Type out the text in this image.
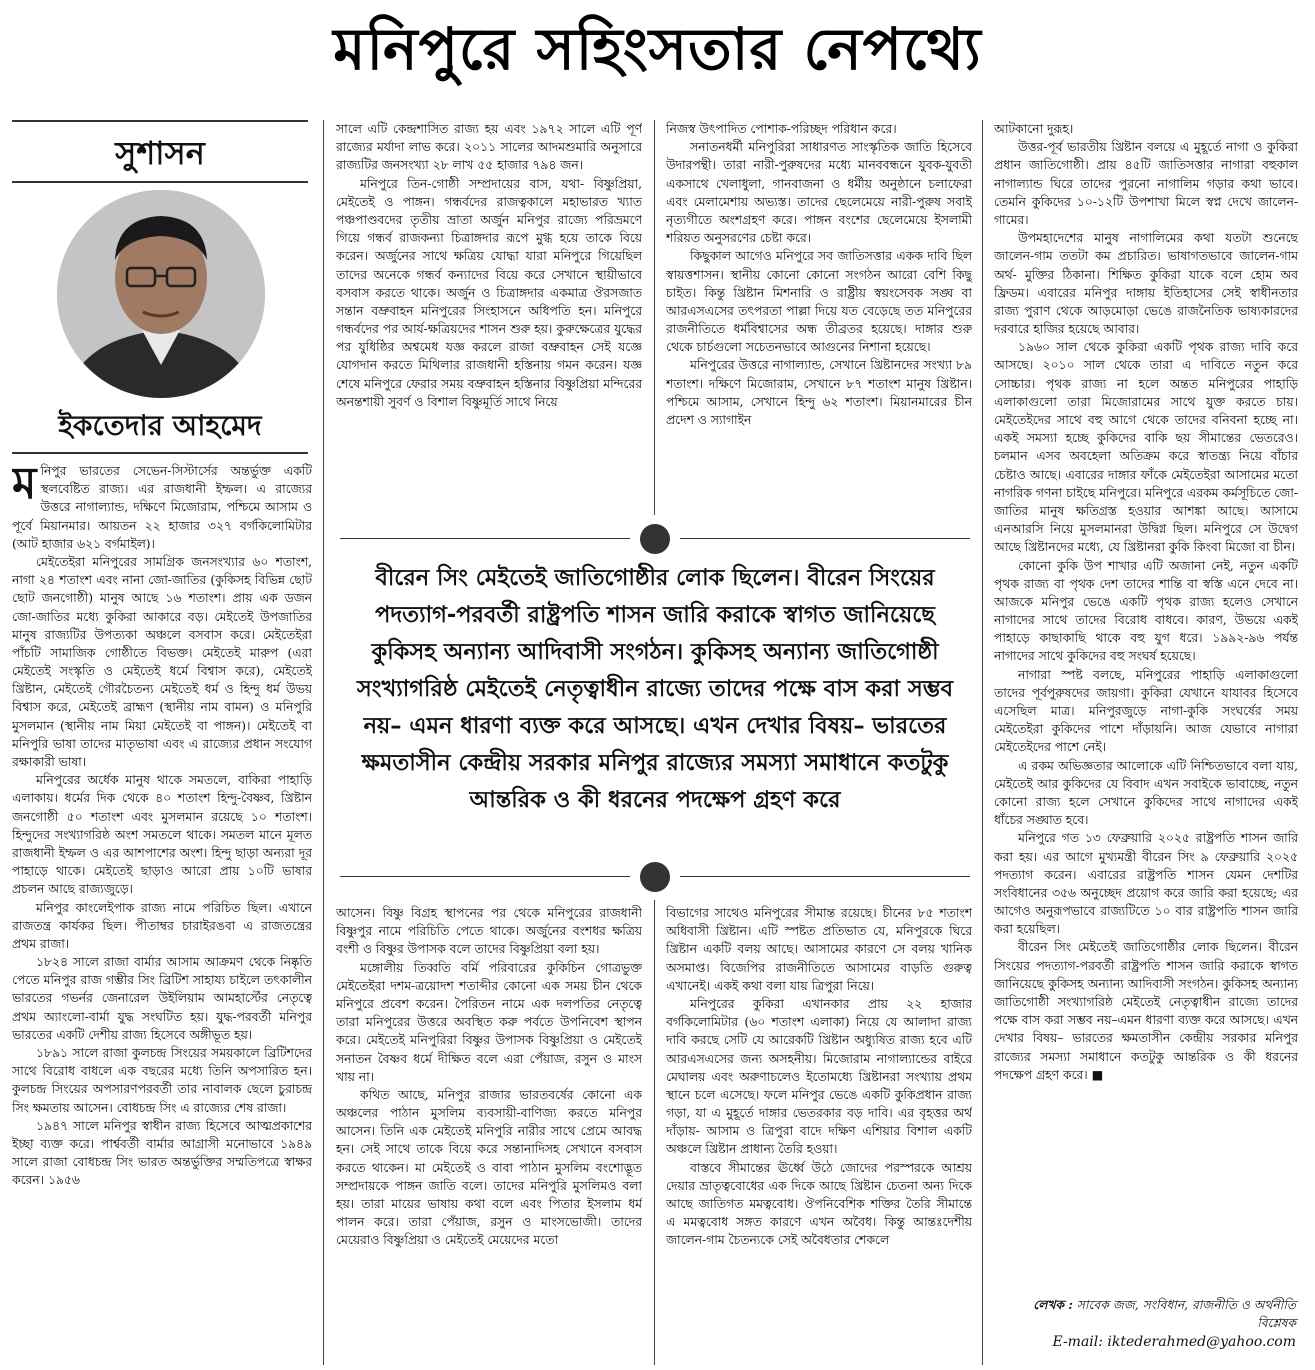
মনিপুরে সহিংসতার নেপথ্যে
সুশাসন
ইকতেদার আহমেদ
ম নিপুর ভারতের সেভেন-সিস্টার্সের অন্তর্ভুক্ত একটি স্থলবেষ্টিত রাজ্য। এর রাজধানী ইম্ফল। এ রাজ্যের উত্তরে নাগাল্যান্ড, দক্ষিণে মিজোরাম, পশ্চিমে আসাম ও পূর্বে মিয়ানমার। আয়তন ২২ হাজার ৩২৭ বর্গকিলোমিটার (আট হাজার ৬২১ বর্গমাইল)।

মেইতেইরা মনিপুরের সামগ্রিক জনসংখ্যার ৬০ শতাংশ, নাগা ২৪ শতাংশ এবং নানা জো-জাতির (কুকিসহ বিভিন্ন ছোট ছোট জনগোষ্ঠী) মানুষ আছে ১৬ শতাংশ। প্রায় এক ডজন জো-জাতির মধ্যে কুকিরা আকারে বড়। মেইতেই উপজাতির মানুষ রাজ্যটির উপত্যকা অঞ্চলে বসবাস করে। মেইতেইরা পাঁচটি সামাজিক গোষ্ঠীতে বিভক্ত। মেইতেই মারুপ (এরা মেইতেই সংস্কৃতি ও মেইতেই ধর্মে বিশ্বাস করে), মেইতেই খ্রিষ্টান, মেইতেই গৌরচৈতন্য মেইতেই ধর্ম ও হিন্দু ধর্ম উভয় বিশ্বাস করে, মেইতেই ব্রাহ্মণ (স্থানীয় নাম বামন) ও মনিপুরি মুসলমান (স্থানীয় নাম মিয়া মেইতেই বা পাঙ্গন)। মেইতেই বা মনিপুরি ভাষা তাদের মাতৃভাষা এবং এ রাজ্যের প্রধান সংযোগ রক্ষাকারী ভাষা।

মনিপুরের অর্ধেক মানুষ থাকে সমতলে, বাকিরা পাহাড়ি এলাকায়। ধর্মের দিক থেকে ৪০ শতাংশ হিন্দু-বৈষ্ণব, খ্রিষ্টান জনগোষ্ঠী ৫০ শতাংশ এবং মুসলমান রয়েছে ১০ শতাংশ। হিন্দুদের সংখ্যাগরিষ্ঠ অংশ সমতলে থাকে। সমতল মানে মূলত রাজধানী ইম্ফল ও এর আশপাশের অংশ। হিন্দু ছাড়া অন্যরা দূর পাহাড়ে থাকে। মেইতেই ছাড়াও আরো প্রায় ১০টি ভাষার প্রচলন আছে রাজ্যজুড়ে।

মনিপুর কাংলেইপাক রাজ্য নামে পরিচিত ছিল। এখানে রাজতন্ত্র কার্যকর ছিল। পীতাম্বর চারাইরঙবা এ রাজতন্ত্রের প্রথম রাজা।

১৮২৪ সালে রাজা বার্মার আসাম আক্রমণ থেকে নিষ্কৃতি পেতে মনিপুর রাজ গম্ভীর সিং ব্রিটিশ সাহায্য চাইলে তৎকালীন ভারতের গভর্নর জেনারেল উইলিয়াম আমহার্স্টের নেতৃত্বে প্রথম অ্যাংলো-বার্মা যুদ্ধ সংঘটিত হয়। যুদ্ধ-পরবর্তী মনিপুর ভারতের একটি দেশীয় রাজ্য হিসেবে অঙ্গীভূত হয়।

১৮৯১ সালে রাজা কুলচন্দ্র সিংয়ের সময়কালে ব্রিটিশদের সাথে বিরোধ বাধলে এক বছরের মধ্যে তিনি অপসারিত হন। কুলচন্দ্র সিংয়ের অপসারণপরবর্তী তার নাবালক ছেলে চুরাচন্দ্র সিং ক্ষমতায় আসেন। বোধচন্দ্র সিং এ রাজ্যের শেষ রাজা।

১৯৪৭ সালে মনিপুর স্বাধীন রাজ্য হিসেবে আত্মপ্রকাশের ইচ্ছা ব্যক্ত করে। পার্শ্ববর্তী বার্মার আগ্রাসী মনোভাবে ১৯৪৯ সালে রাজা বোধচন্দ্র সিং ভারত অন্তর্ভুক্তির সম্মতিপত্রে স্বাক্ষর করেন। ১৯৫৬

সালে এটি কেন্দ্রশাসিত রাজ্য হয় এবং ১৯৭২ সালে এটি পূর্ণ রাজ্যের মর্যাদা লাভ করে। ২০১১ সালের আদমশুমারি অনুসারে রাজ্যটির জনসংখ্যা ২৮ লাখ ৫৫ হাজার ৭৯৪ জন।

মনিপুরে তিন-গোষ্ঠী সম্প্রদায়ের বাস, যথা- বিষ্ণুপ্রিয়া, মেইতেই ও পাঙ্গন। গন্ধর্বদের রাজত্বকালে মহাভারত খ্যাত পঞ্চপাণ্ডবদের তৃতীয় ভ্রাতা অর্জুন মনিপুর রাজ্যে পরিভ্রমণে গিয়ে গন্ধর্ব রাজকন্যা চিত্রাঙ্গদার রূপে মুগ্ধ হয়ে তাকে বিয়ে করেন। অর্জুনের সাথে ক্ষত্রিয় যোদ্ধা যারা মনিপুরে গিয়েছিল তাদের অনেকে গন্ধর্ব কন্যাদের বিয়ে করে সেখানে স্থায়ীভাবে বসবাস করতে থাকে। অর্জুন ও চিত্রাঙ্গদার একমাত্র ঔরসজাত সন্তান বভ্রুবাহন মনিপুরের সিংহাসনে অধিপতি হন। মনিপুরে গন্ধর্বদের পর আর্য-ক্ষত্রিয়দের শাসন শুরু হয়। কুরুক্ষেত্রের যুদ্ধের পর যুধিষ্ঠির অশ্বমেধ যজ্ঞ করলে রাজা বভ্রুবাহন সেই যজ্ঞে যোগদান করতে মিথিলার রাজধানী হস্তিনায় গমন করেন। যজ্ঞ শেষে মনিপুরে ফেরার সময় বভ্রুবাহন হস্তিনার বিষ্ণুপ্রিয়া মন্দিরের অনন্তশায়ী সুবর্ণ ও বিশাল বিষ্ণুমূর্তি সাথে নিয়ে

নিজস্ব উৎপাদিত পোশাক-পরিচ্ছদ পরিধান করে।

সনাতনধর্মী মনিপুরিরা সাধারণত সাংস্কৃতিক জাতি হিসেবে উদারপন্থী। তারা নারী-পুরুষদের মধ্যে মানববন্ধনে যুবক-যুবতী একসাথে খেলাধুলা, গানবাজনা ও ধর্মীয় অনুষ্ঠানে চলাফেরা এবং মেলামেশায় অভ্যস্ত। তাদের ছেলেমেয়ে নারী-পুরুষ সবাই নৃত্যগীতে অংশগ্রহণ করে। পাঙ্গন বংশের ছেলেমেয়ে ইসলামী শরিয়ত অনুসরণের চেষ্টা করে।

কিছুকাল আগেও মনিপুরে সব জাতিসত্তার একক দাবি ছিল স্বায়ত্তশাসন। স্থানীয় কোনো কোনো সংগঠন আরো বেশি কিছু চাইত। কিন্তু খ্রিষ্টান মিশনারি ও রাষ্ট্রীয় স্বয়ংসেবক সঙ্ঘ বা আরএসএসের তৎপরতা পাল্লা দিয়ে যত বেড়েছে তত মনিপুরের রাজনীতিতে ধর্মবিশ্বাসের অন্ধ তীব্রতর হয়েছে। দাঙ্গার শুরু থেকে চার্চগুলো সচেতনভাবে আগুনের নিশানা হয়েছে।

মনিপুরের উত্তরে নাগাল্যান্ড, সেখানে খ্রিষ্টানদের সংখ্যা ৮৯ শতাংশ। দক্ষিণে মিজোরাম, সেখানে ৮৭ শতাংশ মানুষ খ্রিষ্টান। পশ্চিমে আসাম, সেখানে হিন্দু ৬২ শতাংশ। মিয়ানমারের চীন প্রদেশ ও স্যাগাইন

বীরেন সিং মেইতেই জাতিগোষ্ঠীর লোক ছিলেন। বীরেন সিংয়ের পদত্যাগ-পরবর্তী রাষ্ট্রপতি শাসন জারি করাকে স্বাগত জানিয়েছে কুকিসহ অন্যান্য আদিবাসী সংগঠন। কুকিসহ অন্যান্য জাতিগোষ্ঠী সংখ্যাগরিষ্ঠ মেইতেই নেতৃত্বাধীন রাজ্যে তাদের পক্ষে বাস করা সম্ভব নয়– এমন ধারণা ব্যক্ত করে আসছে। এখন দেখার বিষয়– ভারতের ক্ষমতাসীন কেন্দ্রীয় সরকার মনিপুর রাজ্যের সমস্যা সমাধানে কতটুকু আন্তরিক ও কী ধরনের পদক্ষেপ গ্রহণ করে

আসেন। বিষ্ণু বিগ্রহ স্থাপনের পর থেকে মনিপুরের রাজধানী বিষ্ণুপুর নামে পরিচিতি পেতে থাকে। অর্জুনের বংশধর ক্ষত্রিয় বংশী ও বিষ্ণুর উপাসক বলে তাদের বিষ্ণুপ্রিয়া বলা হয়।

মঙ্গোলীয় তিব্বতি বর্মি পরিবারের কুকিচিন গোত্রভুক্ত মেইতেইরা দশম-ত্রয়োদশ শতাব্দীর কোনো এক সময় চীন থেকে মনিপুরে প্রবেশ করেন। পৈরিতন নামে এক দলপতির নেতৃত্বে তারা মনিপুরের উত্তরে অবস্থিত করু পর্বতে উপনিবেশ স্থাপন করে। মেইতেই মনিপুরিরা বিষ্ণুর উপাসক বিষ্ণুপ্রিয়া ও মেইতেই সনাতন বৈষ্ণব ধর্মে দীক্ষিত বলে এরা পেঁয়াজ, রসুন ও মাংস খায় না।

কথিত আছে, মনিপুর রাজার ভারতবর্ষের কোনো এক অঞ্চলের পাঠান মুসলিম ব্যবসায়ী-বাণিজ্য করতে মনিপুর আসেন। তিনি এক মেইতেই মনিপুরি নারীর সাথে প্রেমে আবদ্ধ হন। সেই সাথে তাকে বিয়ে করে সন্তানাদিসহ সেখানে বসবাস করতে থাকেন। মা মেইতেই ও বাবা পাঠান মুসলিম বংশোদ্ভূত সম্প্রদায়কে পাঙ্গন জাতি বলে। তাদের মনিপুরি মুসলিমও বলা হয়। তারা মায়ের ভাষায় কথা বলে এবং পিতার ইসলাম ধর্ম পালন করে। তারা পেঁয়াজ, রসুন ও মাংসভোজী। তাদের মেয়েরাও বিষ্ণুপ্রিয়া ও মেইতেই মেয়েদের মতো

বিভাগের সাথেও মনিপুরের সীমান্ত রয়েছে। চীনের ৮৫ শতাংশ অধিবাসী খ্রিষ্টান। এটি স্পষ্টত প্রতিভাত যে, মনিপুরকে ঘিরে খ্রিষ্টান একটি বলয় আছে। আসামের কারণে সে বলয় খানিক অসমাপ্ত। বিজেপির রাজনীতিতে আসামের বাড়তি গুরুত্ব এখানেই। একই কথা বলা যায় ত্রিপুরা নিয়ে।

মনিপুরের কুকিরা এখানকার প্রায় ২২ হাজার বর্গকিলোমিটার (৬০ শতাংশ এলাকা) নিয়ে যে আলাদা রাজ্য দাবি করছে সেটি যে আরেকটি খ্রিষ্টান অধ্যুষিত রাজ্য হবে এটি আরএসএসের জন্য অসহনীয়। মিজোরাম নাগাল্যান্ডের বাইরে মেঘালয় এবং অরুণাচলেও ইতোমধ্যে খ্রিষ্টানরা সংখ্যায় প্রথম স্থানে চলে এসেছে। ফলে মনিপুর ভেঙে একটি কুকিপ্রধান রাজ্য গড়া, যা এ মুহূর্তে দাঙ্গার ভেতরকার বড় দাবি। এর বৃহত্তর অর্থ দাঁড়ায়- আসাম ও ত্রিপুরা বাদে দক্ষিণ এশিয়ার বিশাল একটি অঞ্চলে খ্রিষ্টান প্রাধান্য তৈরি হওয়া।

বাস্তবে সীমান্তের ঊর্ধ্বে উঠে জোদের পরস্পরকে আশ্রয় দেয়ার ভ্রাতৃত্ববোধের এক দিকে আছে খ্রিষ্টান চেতনা অন্য দিকে আছে জাতিগত মমত্ববোধ। ঔপনিবেশিক শক্তির তৈরি সীমান্তে এ মমত্ববোধ সঙ্গত কারণে এখন অবৈধ। কিন্তু আন্তঃদেশীয় জালেন-গাম চৈতন্যকে সেই অবৈধতার শেকলে

আটকানো দুরূহ।

উত্তর-পূর্ব ভারতীয় খ্রিষ্টান বলয়ে এ মুহূর্তে নাগা ও কুকিরা প্রধান জাতিগোষ্ঠী। প্রায় ৪৫টি জাতিসত্তার নাগারা বহুকাল নাগাল্যান্ড ঘিরে তাদের পুরনো নাগালিম গড়ার কথা ভাবে। তেমনি কুকিদের ১০-১২টি উপশাখা মিলে স্বপ্ন দেখে জালেন-গামের।

উপমহাদেশের মানুষ নাগালিমের কথা যতটা শুনেছে জালেন-গাম ততটা কম প্রচারিত। ভাষাগতভাবে জালেন-গাম অর্থ- মুক্তির ঠিকানা। শিক্ষিত কুকিরা যাকে বলে হোম অব ফ্রিডম। এবারের মনিপুর দাঙ্গায় ইতিহাসের সেই স্বাধীনতার রাজ্য পুরাণ থেকে আড়মোড়া ভেঙে রাজনৈতিক ভাষ্যকারদের দরবারে হাজির হয়েছে আবার।

১৯৬০ সাল থেকে কুকিরা একটি পৃথক রাজ্য দাবি করে আসছে। ২০১০ সাল থেকে তারা এ দাবিতে নতুন করে সোচ্চার। পৃথক রাজ্য না হলে অন্তত মনিপুরের পাহাড়ি এলাকাগুলো তারা মিজোরামের সাথে যুক্ত করতে চায়। মেইতেইদের সাথে বহু আগে থেকে তাদের বনিবনা হচ্ছে না। একই সমস্যা হচ্ছে কুকিদের বাকি ছয় সীমান্তের ভেতরেও। চলমান এসব অবহেলা অতিক্রম করে স্বাতন্ত্র্য নিয়ে বাঁচার চেষ্টাও আছে। এবারের দাঙ্গার ফাঁকে মেইতেইরা আসামের মতো নাগরিক গণনা চাইছে মনিপুরে। মনিপুরে এরকম কর্মসূচিতে জো-জাতির মানুষ ক্ষতিগ্রস্ত হওয়ার আশঙ্কা আছে। আসামে এনআরসি নিয়ে মুসলমানরা উদ্বিগ্ন ছিল। মনিপুরে সে উদ্বেগ আছে খ্রিষ্টানদের মধ্যে, যে খ্রিষ্টানরা কুকি কিংবা মিজো বা চীন।

কোনো কুকি উপ শাখার এটি অজানা নেই, নতুন একটি পৃথক রাজ্য বা পৃথক দেশ তাদের শান্তি বা স্বস্তি এনে দেবে না। আজকে মনিপুর ভেঙে একটি পৃথক রাজ্য হলেও সেখানে নাগাদের সাথে তাদের বিরোধ বাধবে। কারণ, উভয়ে একই পাহাড়ে কাছাকাছি থাকে বহু যুগ ধরে। ১৯৯২-৯৬ পর্যন্ত নাগাদের সাথে কুকিদের বহু সংঘর্ষ হয়েছে।

নাগারা স্পষ্ট বলছে, মনিপুরের পাহাড়ি এলাকাগুলো তাদের পূর্বপুরুষদের জায়গা। কুকিরা যেখানে যাযাবর হিসেবে এসেছিল মাত্র। মনিপুরজুড়ে নাগা-কুকি সংঘর্ষের সময় মেইতেইরা কুকিদের পাশে দাঁড়ায়নি। আজ যেভাবে নাগারা মেইতেইদের পাশে নেই।

এ রকম অভিজ্ঞতার আলোকে এটি নিশ্চিতভাবে বলা যায়, মেইতেই আর কুকিদের যে বিবাদ এখন সবাইকে ভাবাচ্ছে, নতুন কোনো রাজ্য হলে সেখানে কুকিদের সাথে নাগাদের একই ধাঁচের সঙ্ঘাত হবে।

মনিপুরে গত ১৩ ফেব্রুয়ারি ২০২৫ রাষ্ট্রপতি শাসন জারি করা হয়। এর আগে মুখ্যমন্ত্রী বীরেন সিং ৯ ফেব্রুয়ারি ২০২৫ পদত্যাগ করেন। এবারের রাষ্ট্রপতি শাসন যেমন দেশটির সংবিধানের ৩৫৬ অনুচ্ছেদ প্রয়োগ করে জারি করা হয়েছে; এর আগেও অনুরূপভাবে রাজ্যটিতে ১০ বার রাষ্ট্রপতি শাসন জারি করা হয়েছিল।

বীরেন সিং মেইতেই জাতিগোষ্ঠীর লোক ছিলেন। বীরেন সিংয়ের পদত্যাগ-পরবর্তী রাষ্ট্রপতি শাসন জারি করাকে স্বাগত জানিয়েছে কুকিসহ অন্যান্য আদিবাসী সংগঠন। কুকিসহ অন্যান্য জাতিগোষ্ঠী সংখ্যাগরিষ্ঠ মেইতেই নেতৃত্বাধীন রাজ্যে তাদের পক্ষে বাস করা সম্ভব নয়–এমন ধারণা ব্যক্ত করে আসছে। এখন দেখার বিষয়– ভারতের ক্ষমতাসীন কেন্দ্রীয় সরকার মনিপুর রাজ্যের সমস্যা সমাধানে কতটুকু আন্তরিক ও কী ধরনের পদক্ষেপ গ্রহণ করে। ■

লেখক : সাবেক জজ, সংবিধান, রাজনীতি ও অর্থনীতি বিশ্লেষক
E-mail: iktederahmed@yahoo.com
